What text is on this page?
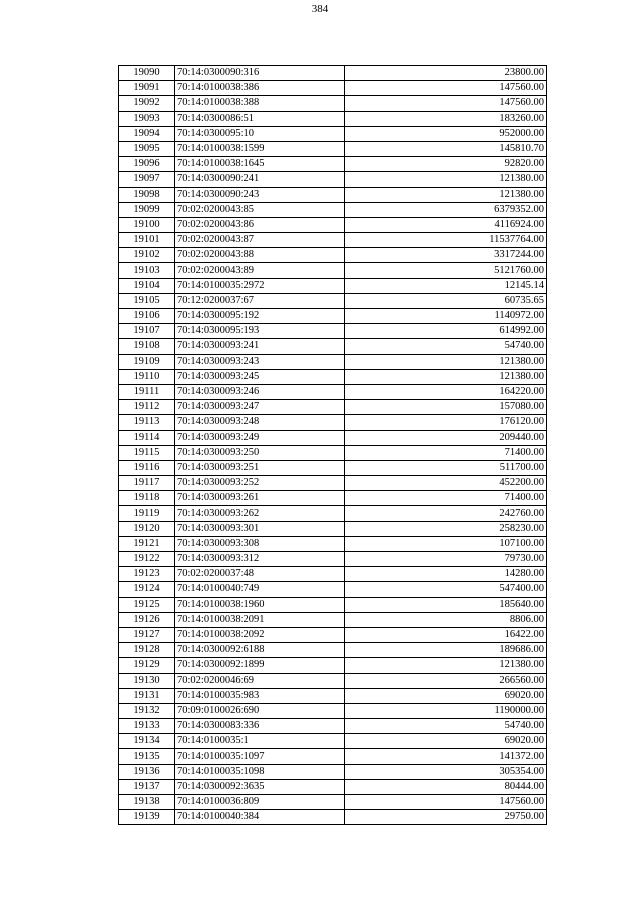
384
19090	70:14:0300090:316	23800.00
19091	70:14:0100038:386	147560.00
19092	70:14:0100038:388	147560.00
19093	70:14:0300086:51	183260.00
19094	70:14:0300095:10	952000.00
19095	70:14:0100038:1599	145810.70
19096	70:14:0100038:1645	92820.00
19097	70:14:0300090:241	121380.00
19098	70:14:0300090:243	121380.00
19099	70:02:0200043:85	6379352.00
19100	70:02:0200043:86	4116924.00
19101	70:02:0200043:87	11537764.00
19102	70:02:0200043:88	3317244.00
19103	70:02:0200043:89	5121760.00
19104	70:14:0100035:2972	12145.14
19105	70:12:0200037:67	60735.65
19106	70:14:0300095:192	1140972.00
19107	70:14:0300095:193	614992.00
19108	70:14:0300093:241	54740.00
19109	70:14:0300093:243	121380.00
19110	70:14:0300093:245	121380.00
19111	70:14:0300093:246	164220.00
19112	70:14:0300093:247	157080.00
19113	70:14:0300093:248	176120.00
19114	70:14:0300093:249	209440.00
19115	70:14:0300093:250	71400.00
19116	70:14:0300093:251	511700.00
19117	70:14:0300093:252	452200.00
19118	70:14:0300093:261	71400.00
19119	70:14:0300093:262	242760.00
19120	70:14:0300093:301	258230.00
19121	70:14:0300093:308	107100.00
19122	70:14:0300093:312	79730.00
19123	70:02:0200037:48	14280.00
19124	70:14:0100040:749	547400.00
19125	70:14:0100038:1960	185640.00
19126	70:14:0100038:2091	8806.00
19127	70:14:0100038:2092	16422.00
19128	70:14:0300092:6188	189686.00
19129	70:14:0300092:1899	121380.00
19130	70:02:0200046:69	266560.00
19131	70:14:0100035:983	69020.00
19132	70:09:0100026:690	1190000.00
19133	70:14:0300083:336	54740.00
19134	70:14:0100035:1	69020.00
19135	70:14:0100035:1097	141372.00
19136	70:14:0100035:1098	305354.00
19137	70:14:0300092:3635	80444.00
19138	70:14:0100036:809	147560.00
19139	70:14:0100040:384	29750.00
